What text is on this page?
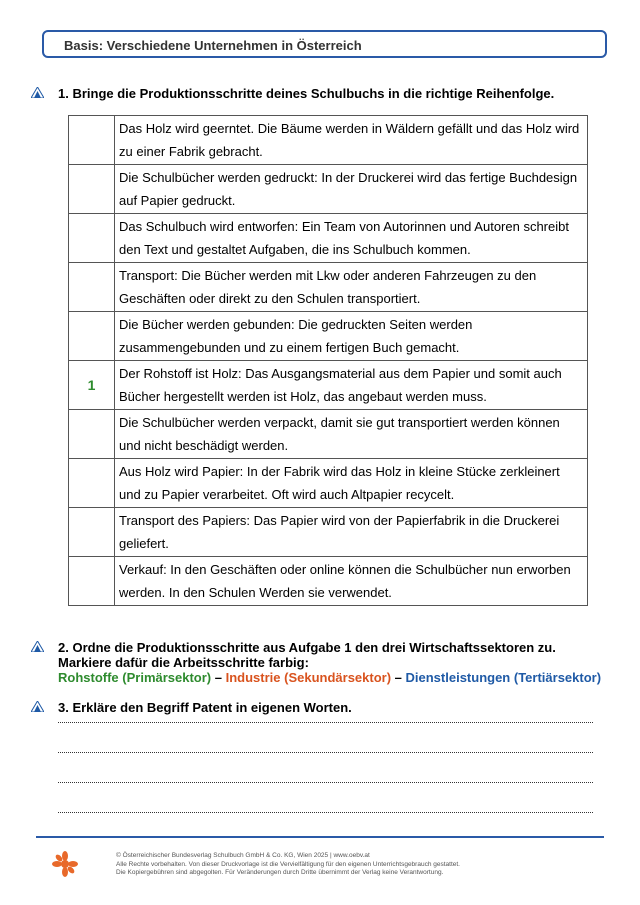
Basis: Verschiedene Unternehmen in Österreich
1. Bringe die Produktionsschritte deines Schulbuchs in die richtige Reihenfolge.
	Das Holz wird geerntet. Die Bäume werden in Wäldern gefällt und das Holz wird zu einer Fabrik gebracht.
	Die Schulbücher werden gedruckt: In der Druckerei wird das fertige Buchdesign auf Papier gedruckt.
	Das Schulbuch wird entworfen: Ein Team von Autorinnen und Autoren schreibt den Text und gestaltet Aufgaben, die ins Schulbuch kommen.
	Transport: Die Bücher werden mit Lkw oder anderen Fahrzeugen zu den Geschäften oder direkt zu den Schulen transportiert.
	Die Bücher werden gebunden: Die gedruckten Seiten werden zusammengebunden und zu einem fertigen Buch gemacht.
1	Der Rohstoff ist Holz: Das Ausgangsmaterial aus dem Papier und somit auch Bücher hergestellt werden ist Holz, das angebaut werden muss.
	Die Schulbücher werden verpackt, damit sie gut transportiert werden können und nicht beschädigt werden.
	Aus Holz wird Papier: In der Fabrik wird das Holz in kleine Stücke zerkleinert und zu Papier verarbeitet. Oft wird auch Altpapier recycelt.
	Transport des Papiers: Das Papier wird von der Papierfabrik in die Druckerei geliefert.
	Verkauf: In den Geschäften oder online können die Schulbücher nun erworben werden. In den Schulen Werden sie verwendet.
2. Ordne die Produktionsschritte aus Aufgabe 1 den drei Wirtschaftssektoren zu.
Markiere dafür die Arbeitsschritte farbig:
Rohstoffe (Primärsektor) – Industrie (Sekundärsektor) – Dienstleistungen (Tertiärsektor)
3. Erkläre den Begriff Patent in eigenen Worten.
© Österreichischer Bundesverlag Schulbuch GmbH & Co. KG, Wien 2025 | www.oebv.at
Alle Rechte vorbehalten. Von dieser Druckvorlage ist die Vervielfältigung für den eigenen Unterrichtsgebrauch gestattet.
Die Kopiergebühren sind abgegolten. Für Veränderungen durch Dritte übernimmt der Verlag keine Verantwortung.
